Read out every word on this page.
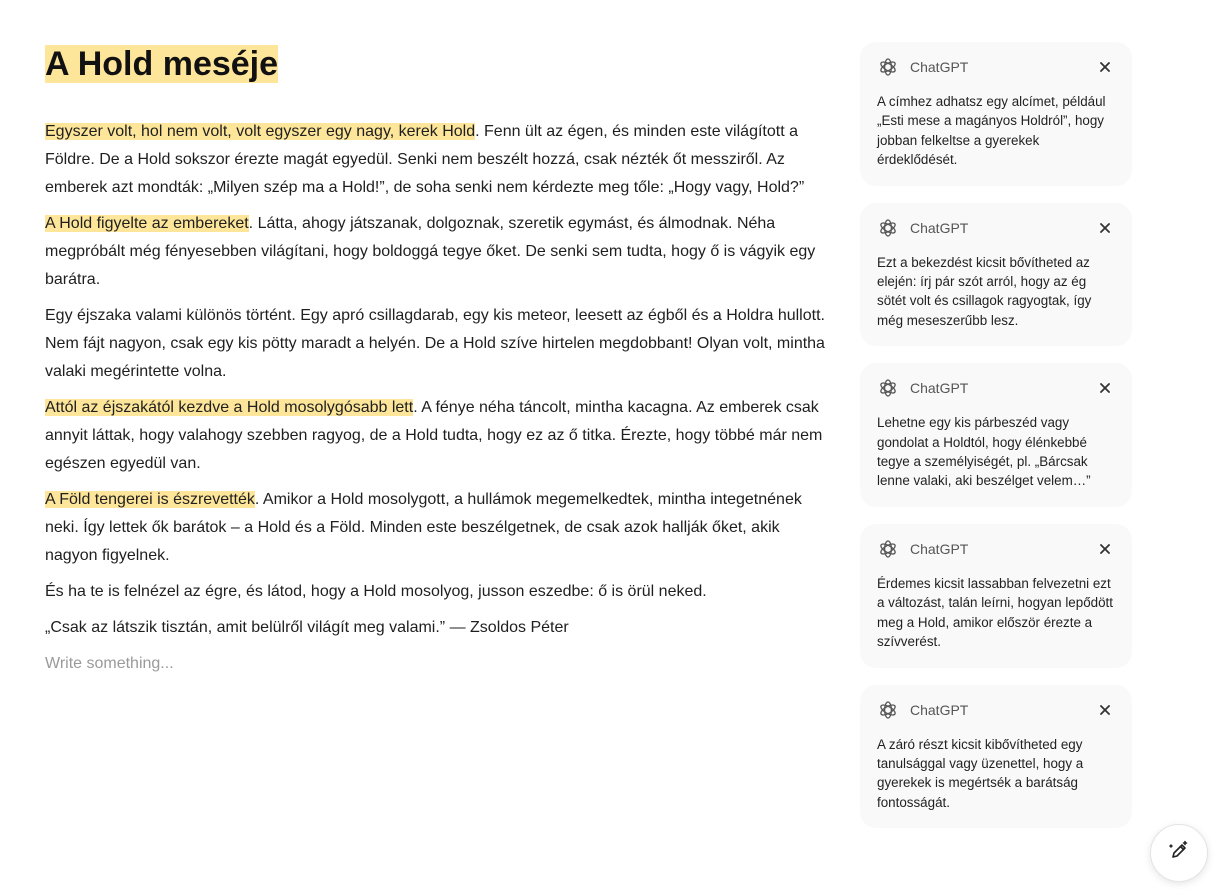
A Hold meséje

Egyszer volt, hol nem volt, volt egyszer egy nagy, kerek Hold. Fenn ült az égen, és minden este világított a Földre. De a Hold sokszor érezte magát egyedül. Senki nem beszélt hozzá, csak nézték őt messziről. Az emberek azt mondták: „Milyen szép ma a Hold!”, de soha senki nem kérdezte meg tőle: „Hogy vagy, Hold?”

A Hold figyelte az embereket. Látta, ahogy játszanak, dolgoznak, szeretik egymást, és álmodnak. Néha megpróbált még fényesebben világítani, hogy boldoggá tegye őket. De senki sem tudta, hogy ő is vágyik egy barátra.

Egy éjszaka valami különös történt. Egy apró csillagdarab, egy kis meteor, leesett az égből és a Holdra hullott. Nem fájt nagyon, csak egy kis pötty maradt a helyén. De a Hold szíve hirtelen megdobbant! Olyan volt, mintha valaki megérintette volna.

Attól az éjszakától kezdve a Hold mosolygósabb lett. A fénye néha táncolt, mintha kacagna. Az emberek csak annyit láttak, hogy valahogy szebben ragyog, de a Hold tudta, hogy ez az ő titka. Érezte, hogy többé már nem egészen egyedül van.

A Föld tengerei is észrevették. Amikor a Hold mosolygott, a hullámok megemelkedtek, mintha integetnének neki. Így lettek ők barátok – a Hold és a Föld. Minden este beszélgetnek, de csak azok hallják őket, akik nagyon figyelnek.

És ha te is felnézel az égre, és látod, hogy a Hold mosolyog, jusson eszedbe: ő is örül neked.

„Csak az látszik tisztán, amit belülről világít meg valami.” — Zsoldos Péter

Write something...

ChatGPT

A címhez adhatsz egy alcímet, például „Esti mese a magányos Holdról”, hogy jobban felkeltse a gyerekek érdeklődését.

ChatGPT

Ezt a bekezdést kicsit bővítheted az elején: írj pár szót arról, hogy az ég sötét volt és csillagok ragyogtak, így még meseszerűbb lesz.

ChatGPT

Lehetne egy kis párbeszéd vagy gondolat a Holdtól, hogy élénkebbé tegye a személyiségét, pl. „Bárcsak lenne valaki, aki beszélget velem…”

ChatGPT

Érdemes kicsit lassabban felvezetni ezt a változást, talán leírni, hogyan lepődött meg a Hold, amikor először érezte a szívverést.

ChatGPT

A záró részt kicsit kibővítheted egy tanulsággal vagy üzenettel, hogy a gyerekek is megértsék a barátság fontosságát.
